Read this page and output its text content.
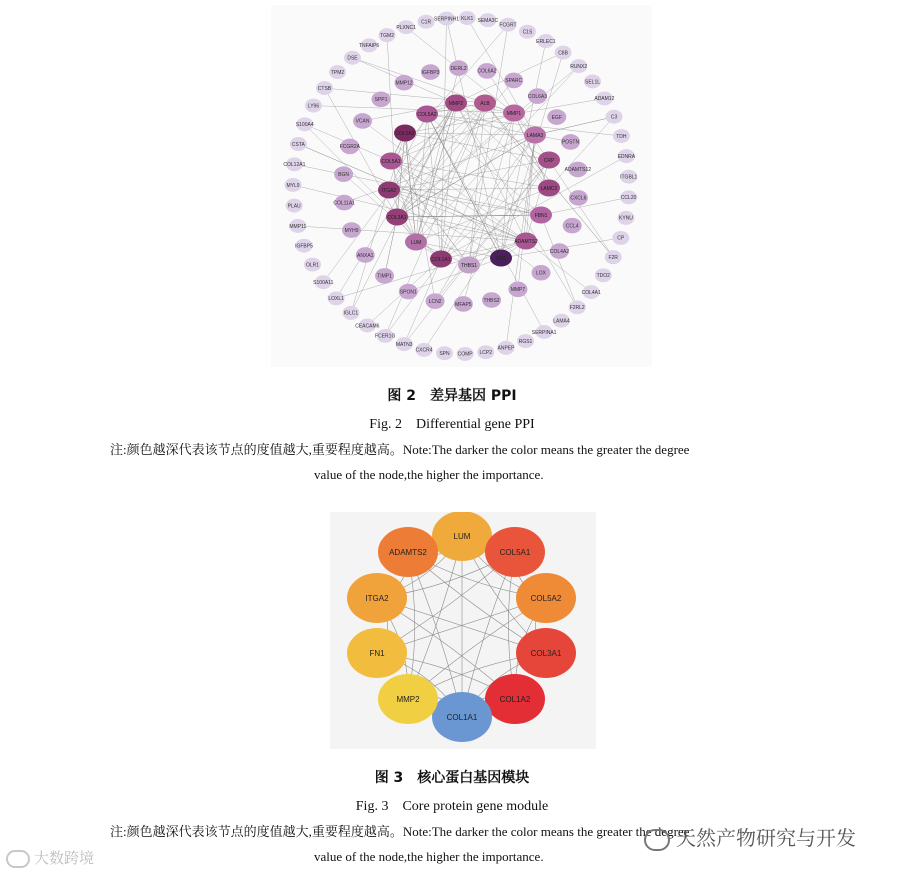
C1R
SERPINH1 KLK1 SEMA3C
FCGRT
C1S
ERLEC1
C8B
RUNX2
SEL1L
ADAM12
C3
TDH
EDNRA
ITGBL1
CCL20
KYNU
CP
F2R
TDO2
COL4A1
F2RL2
LAMA4
SERPINA1
RGS1
ANPEP
LCP2
COMP
SPN
CXCR4
MATN3
FCER1G
CEACAM6
IGLC1
LOXL1
S100A11
OLR1
IGFBP5
MMP11
PLAU
MYL9
COL12A1
CSTA
S100A4
LY96
CTSB
TPM2
DSE
TNFAIP6
TGM2
PLXNC1
IGFBP3
DERL2 COL6A2
SPARC
COL6A3
EGF
POSTN
ADAMTS12
CXCL6
CCL4
COL4A2
LOX
MMP7
THBS2
MFAP5
LCN2
SPON1
TIMP1
ANXA1
MYH9
COL11A1
BGN
FCGR2A
VCAN
SPP1
MMP12
MMP2	ALB
MMP1
COL5A2
COL1A2
COL5A1
ITGA2
COL3A1
LUM
COL1A1
THBS1
FN1
ADAMTS2
FBN1
LAMC2
CRP
LAMA3
图 2　差异基因 PPI
Fig. 2　Differential gene PPI
注:颜色越深代表该节点的度值越大,重要程度越高。Note:The darker the color means the greater the degree
value of the node,the higher the importance.
LUM
COL5A1
COL5A2
COL3A1
COL1A2
COL1A1
MMP2
FN1
ITGA2
ADAMTS2
图 3　核心蛋白基因模块
Fig. 3　Core protein gene module
注:颜色越深代表该节点的度值越大,重要程度越高。Note:The darker the color means the greater the degree
value of the node,the higher the importance.
大数跨境
天然产物研究与开发
